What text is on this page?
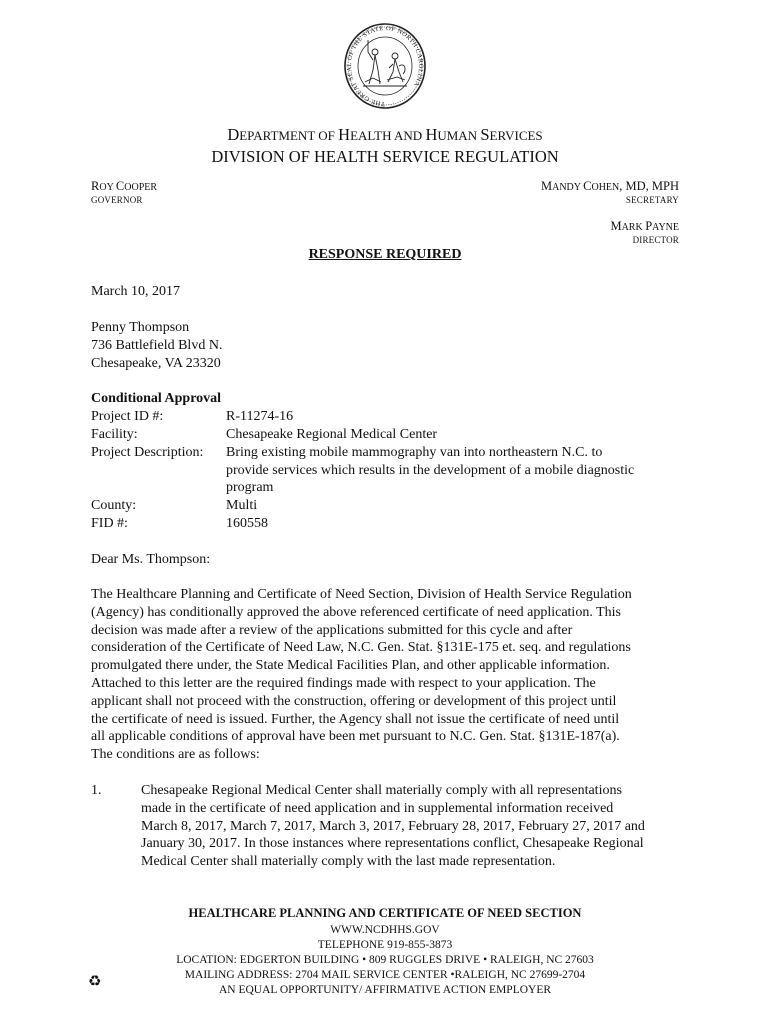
THE GREAT SEAL OF THE STATE OF NORTH CAROLINA
DEPARTMENT OF HEALTH AND HUMAN SERVICES
DIVISION OF HEALTH SERVICE REGULATION
ROY COOPER
GOVERNOR
MANDY COHEN, MD, MPH
SECRETARY
MARK PAYNE
DIRECTOR
RESPONSE REQUIRED
March 10, 2017
Penny Thompson
736 Battlefield Blvd N.
Chesapeake, VA 23320
Conditional Approval
Project ID #:	R-11274-16
Facility:	Chesapeake Regional Medical Center
Project Description: Bring existing mobile mammography van into northeastern N.C. to
provide services which results in the development of a mobile diagnostic
program
County:	Multi
FID #:	160558
Dear Ms. Thompson:
The Healthcare Planning and Certificate of Need Section, Division of Health Service Regulation
(Agency) has conditionally approved the above referenced certificate of need application. This
decision was made after a review of the applications submitted for this cycle and after
consideration of the Certificate of Need Law, N.C. Gen. Stat. §131E-175 et. seq. and regulations
promulgated there under, the State Medical Facilities Plan, and other applicable information.
Attached to this letter are the required findings made with respect to your application. The
applicant shall not proceed with the construction, offering or development of this project until
the certificate of need is issued. Further, the Agency shall not issue the certificate of need until
all applicable conditions of approval have been met pursuant to N.C. Gen. Stat. §131E-187(a).
The conditions are as follows:
1.	Chesapeake Regional Medical Center shall materially comply with all representations
made in the certificate of need application and in supplemental information received
March 8, 2017, March 7, 2017, March 3, 2017, February 28, 2017, February 27, 2017 and
January 30, 2017. In those instances where representations conflict, Chesapeake Regional
Medical Center shall materially comply with the last made representation.
HEALTHCARE PLANNING AND CERTIFICATE OF NEED SECTION
WWW.NCDHHS.GOV
TELEPHONE 919-855-3873
LOCATION: EDGERTON BUILDING • 809 RUGGLES DRIVE • RALEIGH, NC 27603
MAILING ADDRESS: 2704 MAIL SERVICE CENTER •RALEIGH, NC 27699-2704
AN EQUAL OPPORTUNITY/ AFFIRMATIVE ACTION EMPLOYER
♻
